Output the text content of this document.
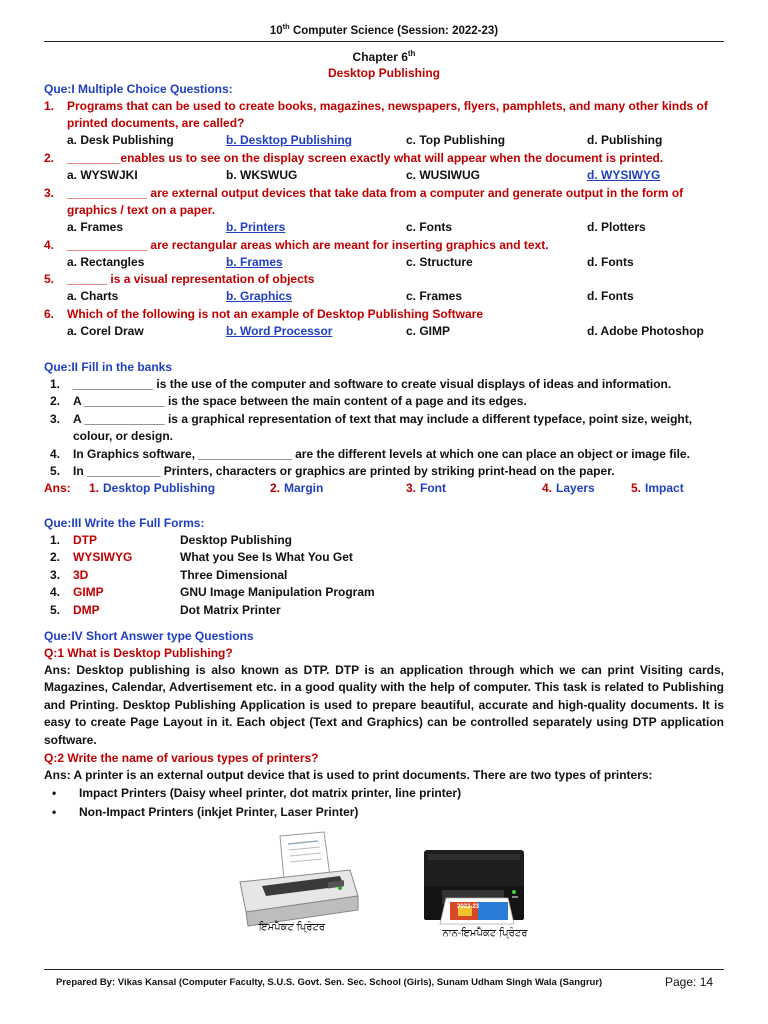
10th Computer Science (Session: 2022-23)
Chapter 6th
Desktop Publishing
Que:I Multiple Choice Questions:
1. Programs that can be used to create books, magazines, newspapers, flyers, pamphlets, and many other kinds of
printed documents, are called?
a. Desk Publishing	b. Desktop Publishing	c. Top Publishing	d. Publishing
2. ________enables us to see on the display screen exactly what will appear when the document is printed.
a. WYSWJKI	b. WKSWUG	c. WUSIWUG	d. WYSIWYG
3. ____________ are external output devices that take data from a computer and generate output in the form of
graphics / text on a paper.
a. Frames	b. Printers	c. Fonts	d. Plotters
4. ____________ are rectangular areas which are meant for inserting graphics and text.
a. Rectangles	b. Frames	c. Structure	d. Fonts
5. ______ is a visual representation of objects
a. Charts	b. Graphics	c. Frames	d. Fonts
6. Which of the following is not an example of Desktop Publishing Software
a. Corel Draw	b. Word Processor	c. GIMP	d. Adobe Photoshop
Que:II Fill in the banks
1. ____________ is the use of the computer and software to create visual displays of ideas and information.
2. A ____________ is the space between the main content of a page and its edges.
3. A ____________ is a graphical representation of text that may include a different typeface, point size, weight,
colour, or design.
4. In Graphics software, ______________ are the different levels at which one can place an object or image file.
5. In ___________ Printers, characters or graphics are printed by striking print-head on the paper.
Ans: 1. Desktop Publishing	2. Margin	3. Font	4. Layers	5. Impact
Que:III Write the Full Forms:
1. DTP	Desktop Publishing
2. WYSIWYG	What you See Is What You Get
3. 3D	Three Dimensional
4. GIMP	GNU Image Manipulation Program
5. DMP	Dot Matrix Printer
Que:IV Short Answer type Questions
Q:1 What is Desktop Publishing?
Ans: Desktop publishing is also known as DTP. DTP is an application through which we can print Visiting cards, Magazines, Calendar, Advertisement etc. in a good quality with the help of computer. This task is related to Publishing and Printing. Desktop Publishing Application is used to prepare beautiful, accurate and high-quality documents. It is easy to create Page Layout in it. Each object (Text and Graphics) can be controlled separately using DTP application software.
Q:2 Write the name of various types of printers?
Ans: A printer is an external output device that is used to print documents. There are two types of printers:
• Impact Printers (Daisy wheel printer, dot matrix printer, line printer)
• Non-Impact Printers (inkjet Printer, Laser Printer)
ਇਮਪੈਕਟ ਪ੍ਰਿੰਟਰ
2022-23
ਨਾਨ-ਇਮਪੈਕਟ ਪ੍ਰਿੰਟਰ
Prepared By: Vikas Kansal (Computer Faculty, S.U.S. Govt. Sen. Sec. School (Girls), Sunam Udham Singh Wala (Sangrur)	Page: 14
